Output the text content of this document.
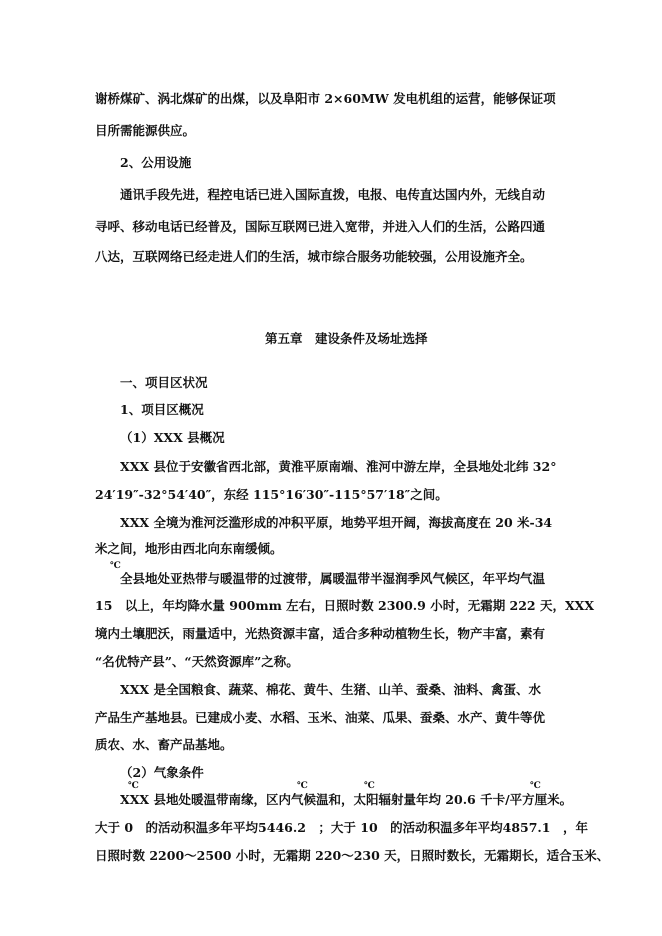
谢桥煤矿、涡北煤矿的出煤，以及阜阳市 2×60MW 发电机组的运营，能够保证项
目所需能源供应。
2、公用设施
通讯手段先进，程控电话已进入国际直拨，电报、电传直达国内外，无线自动
寻呼、移动电话已经普及，国际互联网已进入宽带，并进入人们的生活，公路四通
八达，互联网络已经走进人们的生活，城市综合服务功能较强，公用设施齐全。
第五章　建设条件及场址选择
一、项目区状况
1、项目区概况
（1）XXX 县概况
XXX 县位于安徽省西北部，黄淮平原南端、淮河中游左岸，全县地处北纬 32°
24′19″-32°54′40″，东经 115°16′30″-115°57′18″之间。
XXX 全境为淮河泛滥形成的冲积平原，地势平坦开阔，海拔高度在 20 米-34
米之间，地形由西北向东南缓倾。
℃
全县地处亚热带与暖温带的过渡带，属暖温带半湿润季风气候区，年平均气温
15　以上，年均降水量 900mm 左右，日照时数 2300.9 小时，无霜期 222 天，XXX
境内土壤肥沃，雨量适中，光热资源丰富，适合多种动植物生长，物产丰富，素有
“名优特产县”、“天然资源库”之称。
XXX 是全国粮食、蔬菜、棉花、黄牛、生猪、山羊、蚕桑、油料、禽蛋、水
产品生产基地县。已建成小麦、水稻、玉米、油菜、瓜果、蚕桑、水产、黄牛等优
质农、水、畜产品基地。
（2）气象条件
℃	℃	℃	℃
XXX 县地处暖温带南缘，区内气候温和，太阳辐射量年均 20.6 千卡/平方厘米。
大于 0　的活动积温多年平均5446.2　；大于 10　的活动积温多年平均4857.1　，年
日照时数 2200～2500 小时，无霜期 220～230 天，日照时数长，无霜期长，适合玉米、
